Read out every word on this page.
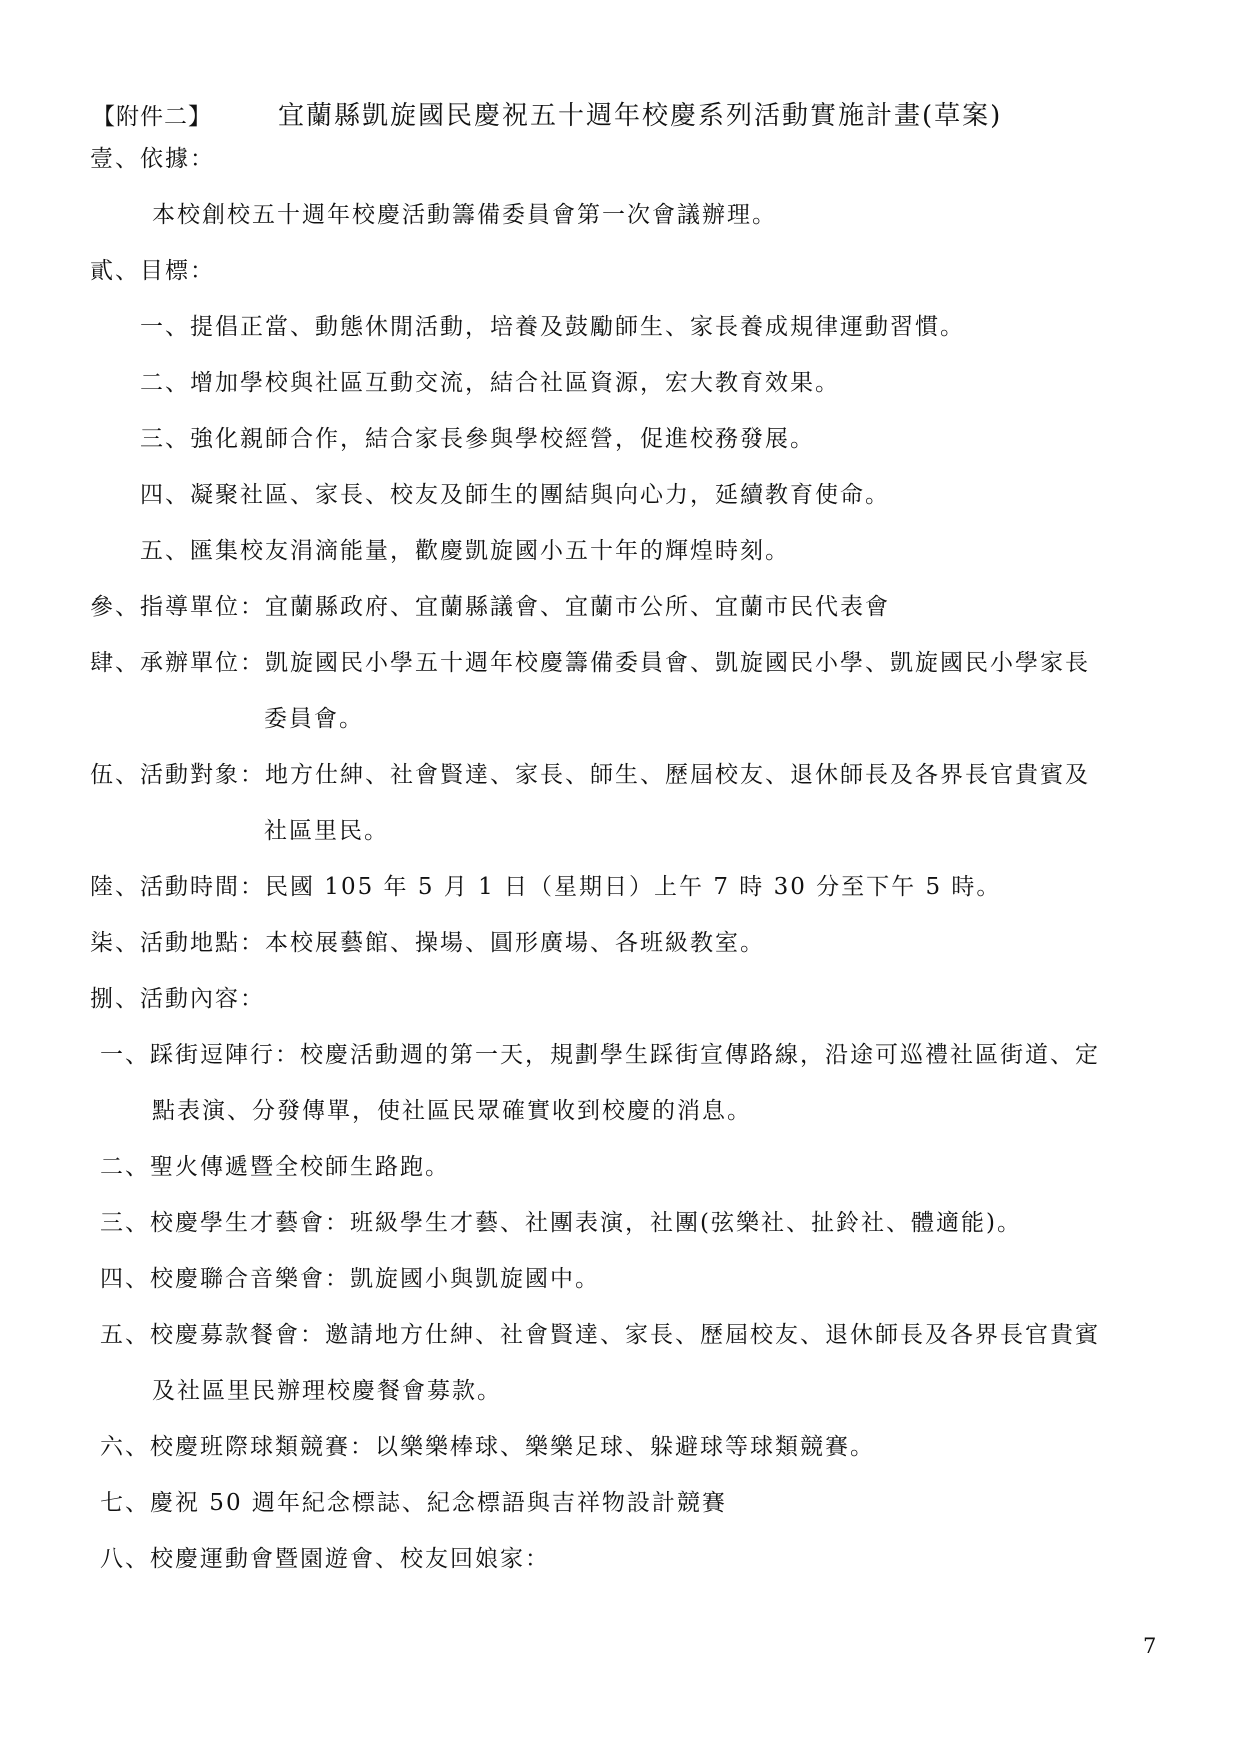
【附件二】	宜蘭縣凱旋國民慶祝五十週年校慶系列活動實施計畫(草案)
壹、依據：
本校創校五十週年校慶活動籌備委員會第一次會議辦理。
貳、目標：
一、提倡正當、動態休閒活動，培養及鼓勵師生、家長養成規律運動習慣。
二、增加學校與社區互動交流，結合社區資源，宏大教育效果。
三、強化親師合作，結合家長參與學校經營，促進校務發展。
四、凝聚社區、家長、校友及師生的團結與向心力，延續教育使命。
五、匯集校友涓滴能量，歡慶凱旋國小五十年的輝煌時刻。
參、指導單位：宜蘭縣政府、宜蘭縣議會、宜蘭市公所、宜蘭市民代表會
肆、承辦單位：凱旋國民小學五十週年校慶籌備委員會、凱旋國民小學、凱旋國民小學家長
委員會。
伍、活動對象：地方仕紳、社會賢達、家長、師生、歷屆校友、退休師長及各界長官貴賓及
社區里民。
陸、活動時間：民國 105 年 5 月 1 日（星期日）上午 7 時 30 分至下午 5 時。
柒、活動地點：本校展藝館、操場、圓形廣場、各班級教室。
捌、活動內容：
一、踩街逗陣行：校慶活動週的第一天，規劃學生踩街宣傳路線，沿途可巡禮社區街道、定
點表演、分發傳單，使社區民眾確實收到校慶的消息。
二、聖火傳遞暨全校師生路跑。
三、校慶學生才藝會：班級學生才藝、社團表演，社團(弦樂社、扯鈴社、體適能)。
四、校慶聯合音樂會：凱旋國小與凱旋國中。
五、校慶募款餐會：邀請地方仕紳、社會賢達、家長、歷屆校友、退休師長及各界長官貴賓
及社區里民辦理校慶餐會募款。
六、校慶班際球類競賽：以樂樂棒球、樂樂足球、躲避球等球類競賽。
七、慶祝 50 週年紀念標誌、紀念標語與吉祥物設計競賽
八、校慶運動會暨園遊會、校友回娘家：
7
